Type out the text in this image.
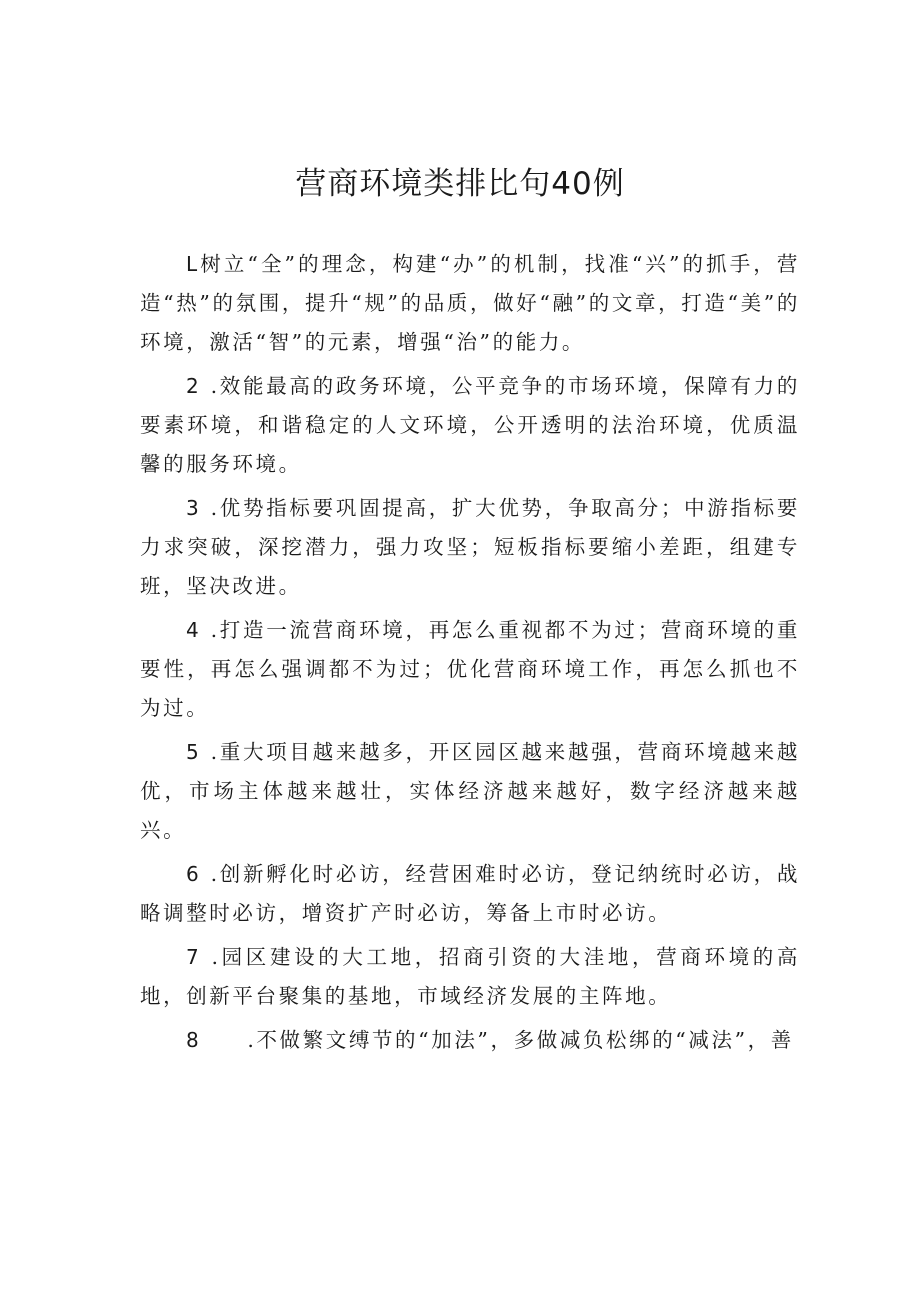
营商环境类排比句40例

L树立“全”的理念，构建“办”的机制，找准“兴”的抓手，营造“热”的氛围，提升“规”的品质，做好“融”的文章，打造“美”的环境，激活“智”的元素，增强“治”的能力。

2 .效能最高的政务环境，公平竞争的市场环境，保障有力的要素环境，和谐稳定的人文环境，公开透明的法治环境，优质温馨的服务环境。

3 .优势指标要巩固提高，扩大优势，争取高分；中游指标要力求突破，深挖潜力，强力攻坚；短板指标要缩小差距，组建专班，坚决改进。

4 .打造一流营商环境，再怎么重视都不为过；营商环境的重要性，再怎么强调都不为过；优化营商环境工作，再怎么抓也不为过。

5 .重大项目越来越多，开区园区越来越强，营商环境越来越优，市场主体越来越壮，实体经济越来越好，数字经济越来越兴。

6 .创新孵化时必访，经营困难时必访，登记纳统时必访，战略调整时必访，增资扩产时必访，筹备上市时必访。

7 .园区建设的大工地，招商引资的大洼地，营商环境的高地，创新平台聚集的基地，市域经济发展的主阵地。

8 .不做繁文缚节的“加法”，多做减负松绑的“减法”，善
